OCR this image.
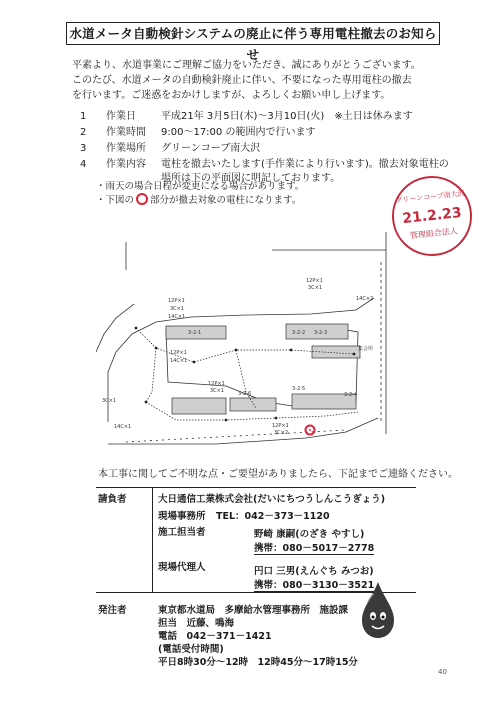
水道メータ自動検針システムの廃止に伴う専用電柱撤去のお知らせ
平素より、水道事業にご理解ご協力をいただき、誠にありがとうございます。
このたび、水道メータの自動検針廃止に伴い、不要になった専用電柱の撤去
を行います。ご迷惑をおかけしますが、よろしくお願い申し上げます。
1	作業日	平成21年 3月5日(木)～3月10日(火)　※土日は休みます
2	作業時間	9:00～17:00 の範囲内で行います
3	作業場所	グリーンコーブ南大沢
4	作業内容	電柱を撤去いたします(手作業により行います)。撤去対象電柱の
場所は下の平面図に明記しております。
・雨天の場合日程が変更になる場合があります。
・下図の 部分が撤去対象の電柱になります。	グリーンコーブ南大沢
21.2.23
管理組合法人
12P×1
3C×1
14C×1
12P×1
3C×1
14C×2
12P×1
14C×1
12P×1
3C×1
3C×1
14C×1	12P×1
3C×2
3-2-3
3-2-4
3-2-5
3-2-6
3-2-1	3-2-2
集会所
本工事に関してご不明な点・ご要望がありましたら、下記までご連絡ください。
請負者	大日通信工業株式会社(だいにちつうしんこうぎょう)
現場事務所 TEL：042－373－1120
施工担当者	野崎 康嗣(のざき やすし)
携帯：080－5017－2778
現場代理人	円口 三男(えんぐち みつお)
携帯：080－3130－3521
発注者	東京都水道局　多摩給水管理事務所　施設課
担当　近藤、鳴海
電話　042－371－1421
(電話受付時間)
平日8時30分～12時　12時45分～17時15分
40
